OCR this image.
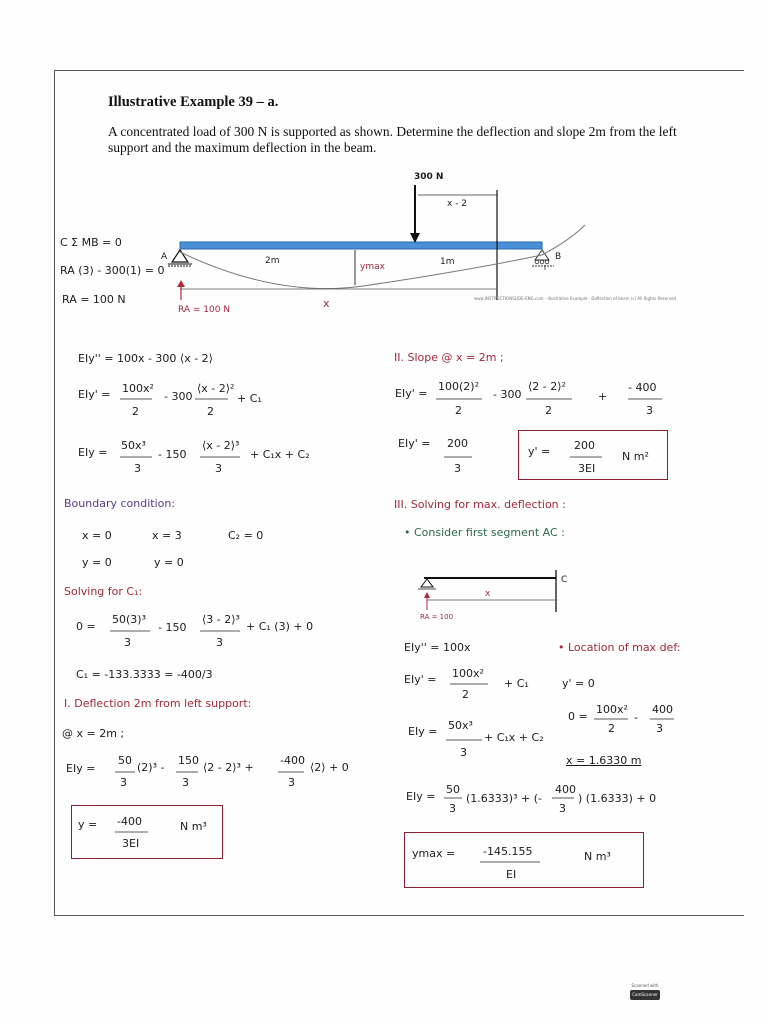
Illustrative Example 39 – a.
A concentrated load of 300 N is supported as shown. Determine the deflection and slope 2m from the left support and the maximum deflection in the beam.
300 N
x - 2
A	B
2m	1m
ymax
x
RA = 100 N
www.INSTRUCTIONSLIDE-ENG.com - Illustrative Example - Deflection of beam (c) All Rights Reserved
C Σ MB = 0
RA (3) - 300(1) = 0
RA = 100 N
EIy'' = 100x - 300 ⟨x - 2⟩
EIy' = 100x²
2
- 300
⟨x - 2⟩²
2
+ C₁
EIy =
50x³
3
- 150
⟨x - 2⟩³
3
+ C₁x + C₂
Boundary condition:
x = 0	x = 3	C₂ = 0
y = 0	y = 0
Solving for C₁:
0 =
50(3)³
3
- 150
⟨3 - 2⟩³
3
+ C₁ (3) + 0
C₁ = -133.3333 = -400/3
I. Deflection 2m from left support:
@ x = 2m ;
EIy =
50
(2)³ -
3
150
⟨2 - 2⟩³ +
3
-400
⟨2⟩ + 0
3
y = -400
3EI
N m³
II. Slope @ x = 2m ;
EIy' =
100(2)²
2
- 300
⟨2 - 2⟩²
2
+
- 400
3
EIy' = 200
3
y' = 200
3EI
N m²
III. Solving for max. deflection :
• Consider first segment AC :
C
x
RA = 100
EIy'' = 100x
EIy' = 100x²
2
+ C₁
EIy = 50x³
3
+ C₁x + C₂
• Location of max def:
y' = 0
0 =
100x²
2
-
400
3
x = 1.6330 m
EIy =
50
3
(1.6333)³ + (-
400
3
) (1.6333) + 0
ymax =	-145.155
EI
N m³
Scanned with
CamScanner
